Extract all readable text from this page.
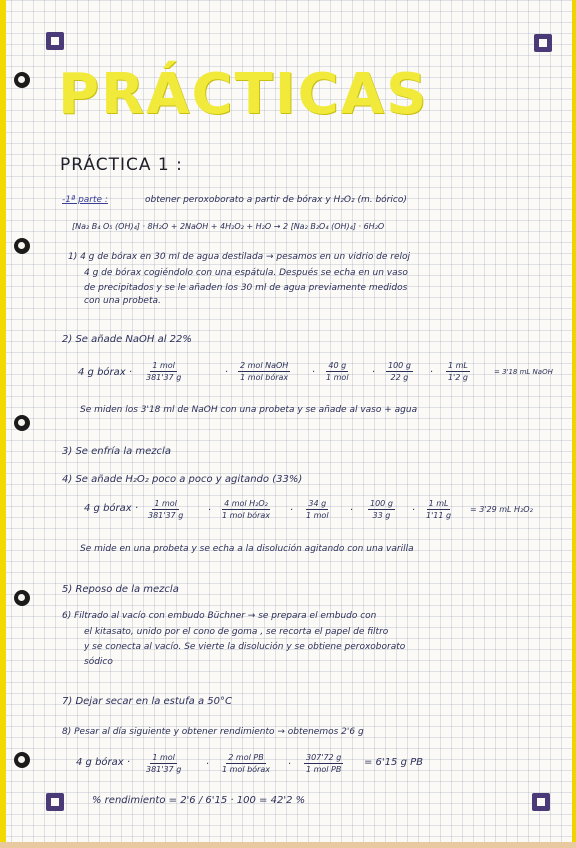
PRÁCTICAS
PRÁCTICA 1 :
-1ª parte :	obtener peroxoborato a partir de bórax y H₂O₂ (m. bórico)
[Na₂ B₄ O₅ (OH)₄] · 8H₂O + 2NaOH + 4H₂O₂ + H₂O → 2 [Na₂ B₂O₄ (OH)₄] · 6H₂O
1) 4 g de bórax en 30 ml de agua destilada → pesamos en un vidrio de reloj
4 g de bórax cogiéndolo con una espátula. Después se echa en un vaso
de precipitados y se le añaden los 30 ml de agua previamente medidos
con una probeta.
2) Se añade NaOH al 22%
4 g bórax ·
1 mol
381'37 g	·
2 mol NaOH
1 mol bórax ·
40 g
1 mol · $\frac{100 g}{22 g} \cdot \frac{1 mL}{1'2 g}$	= 3'18 mL NaOH
Se miden los 3'18 ml de NaOH con una probeta y se añade al vaso + agua
3) Se enfría la mezcla
4) Se añade H₂O₂ poco a poco y agitando (33%)
4 g bórax · 1 mol
381'37 g ·
4 mol H₂O₂
1 mol bórax ·
34 g
1 mol · $\frac{100 g}{33 g} \cdot \frac{1 mL}{1'11 g} = 3'29$ mL H₂O₂
Se mide en una probeta y se echa a la disolución agitando con una varilla
5) Reposo de la mezcla
6) Filtrado al vacío con embudo Büchner → se prepara el embudo con
el kitasato, unido por el cono de goma , se recorta el papel de filtro
y se conecta al vacío. Se vierte la disolución y se obtiene peroxoborato
sódico
7) Dejar secar en la estufa a 50°C
8) Pesar al día siguiente y obtener rendimiento → obtenemos 2'6 g
4 g bórax ·	1 mol
381'37 g ·
2 mol PB
1 mol bórax ·
307'72 g
1 mol PB
= 6'15 g PB
% rendimiento = 2'6 / 6'15 · 100 = 42'2 %
